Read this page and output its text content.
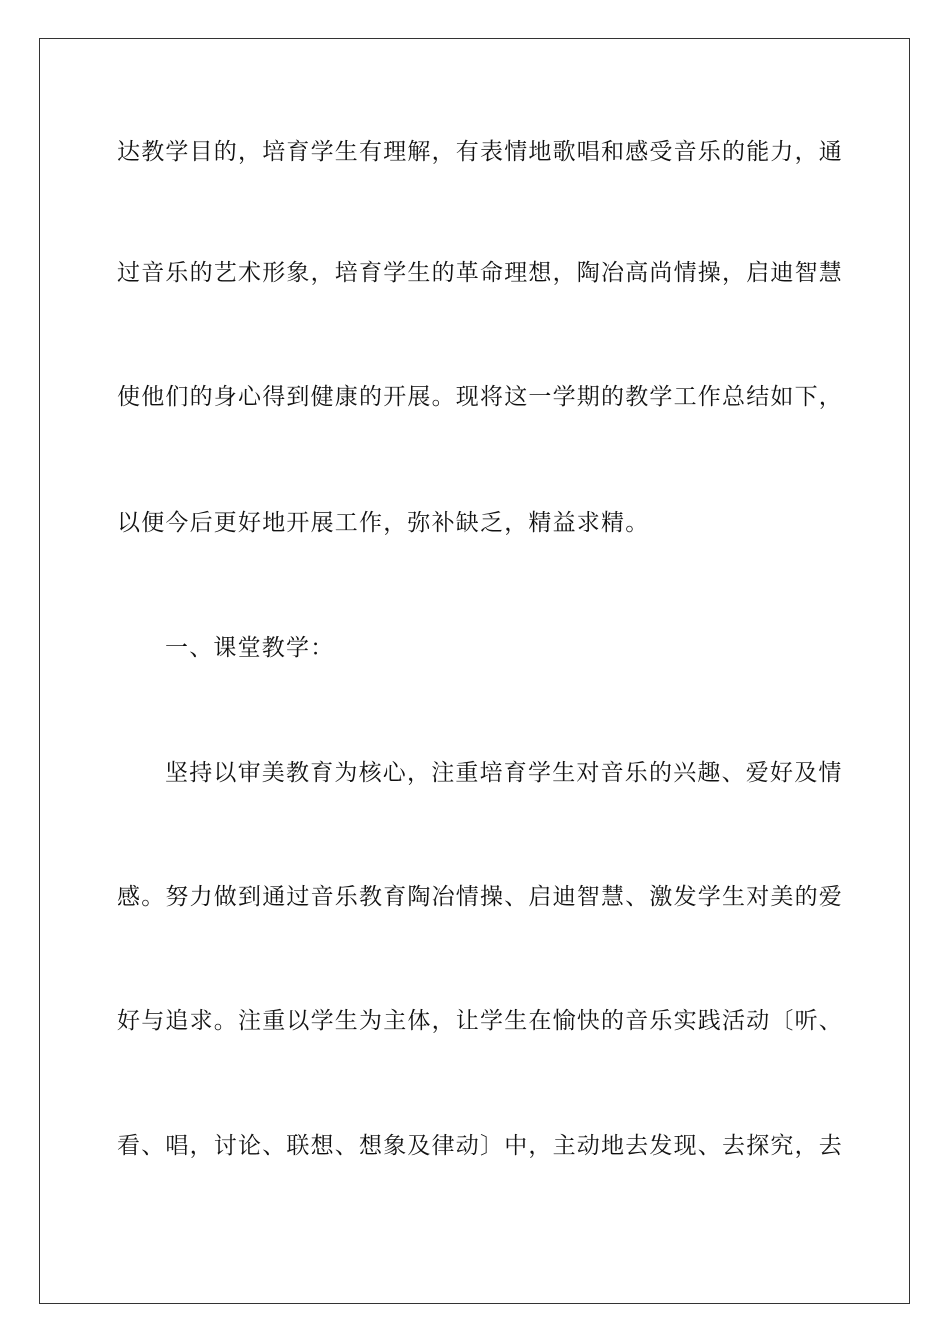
达教学目的，培育学生有理解，有表情地歌唱和感受音乐的能力，通
过音乐的艺术形象，培育学生的革命理想，陶冶高尚情操，启迪智慧
使他们的身心得到健康的开展。现将这一学期的教学工作总结如下，
以便今后更好地开展工作，弥补缺乏，精益求精。
一、课堂教学：
坚持以审美教育为核心，注重培育学生对音乐的兴趣、爱好及情
感。努力做到通过音乐教育陶冶情操、启迪智慧、激发学生对美的爱
好与追求。注重以学生为主体，让学生在愉快的音乐实践活动〔听、
看、唱，讨论、联想、想象及律动〕中，主动地去发现、去探究，去
